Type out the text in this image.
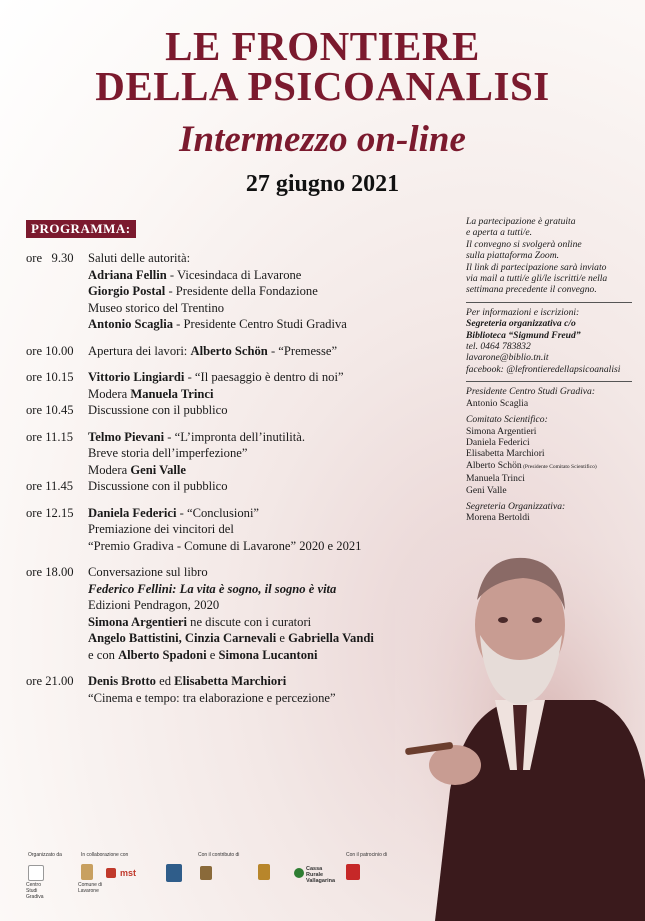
LE FRONTIERE
DELLA PSICOANALISI
Intermezzo on-line
27 giugno 2021
PROGRAMMA:
ore   9.30	Saluti delle autorità:
Adriana Fellin - Vicesindaca di Lavarone
Giorgio Postal - Presidente della Fondazione
Museo storico del Trentino
Antonio Scaglia - Presidente Centro Studi Gradiva
ore 10.00	Apertura dei lavori: Alberto Schön - “Premesse”
ore 10.15	Vittorio Lingiardi - “Il paesaggio è dentro di noi”
Modera Manuela Trinci
ore 10.45	Discussione con il pubblico
ore 11.15	Telmo Pievani - “L’impronta dell’inutilità.
Breve storia dell’imperfezione”
Modera Geni Valle
ore 11.45	Discussione con il pubblico
ore 12.15	Daniela Federici - “Conclusioni”
Premiazione dei vincitori del
“Premio Gradiva - Comune di Lavarone” 2020 e 2021
ore 18.00	Conversazione sul libro
Federico Fellini: La vita è sogno, il sogno è vita
Edizioni Pendragon, 2020
Simona Argentieri ne discute con i curatori
Angelo Battistini, Cinzia Carnevali e Gabriella Vandi
e con Alberto Spadoni e Simona Lucantoni
ore 21.00	Denis Brotto ed Elisabetta Marchiori
“Cinema e tempo: tra elaborazione e percezione”
La partecipazione è gratuita
e aperta a tutti/e.
Il convegno si svolgerà online
sulla piattaforma Zoom.
Il link di partecipazione sarà inviato
via mail a tutti/e gli/le iscritti/e nella
settimana precedente il convegno.
Per informazioni e iscrizioni:
Segreteria organizzativa c/o
Biblioteca “Sigmund Freud”
tel. 0464 783832
lavarone@biblio.tn.it
facebook: @lefrontieredellapsicoanalisi
Presidente Centro Studi Gradiva:
Antonio Scaglia
Comitato Scientifico:
Simona Argentieri
Daniela Federici
Elisabetta Marchiori
Alberto Schön (Presidente Comitato Scientifico)
Manuela Trinci
Geni Valle
Segreteria Organizzativa:
Morena Bertoldi
Organizzato da	In collaborazione con	Con il contributo di	Con il patrocinio di
Centro Studi Gradiva
Comune di Lavarone
mst	Cassa Rurale Vallagarina
